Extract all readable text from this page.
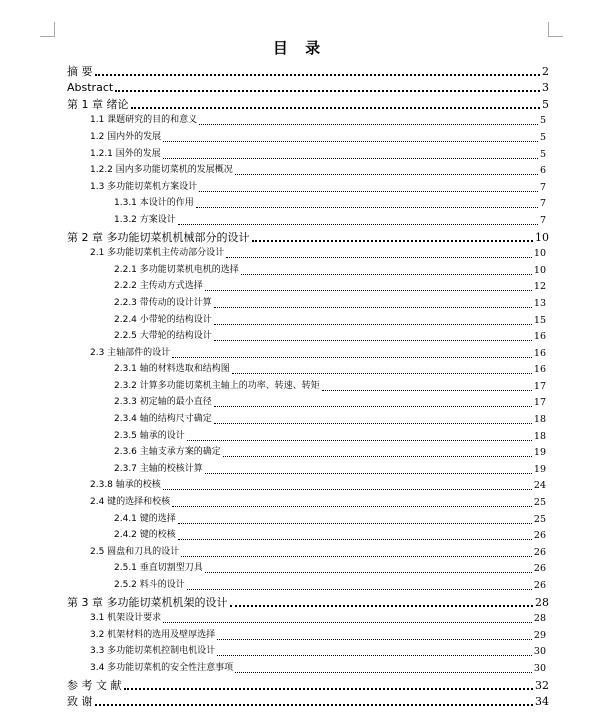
目 录
摘 要	2
Abstract	3
第 1 章 绪论	5
1.1 课题研究的目的和意义	5
1.2 国内外的发展	5
1.2.1 国外的发展	5
1.2.2 国内多功能切菜机的发展概况	6
1.3 多功能切菜机方案设计	7
1.3.1 本设计的作用	7
1.3.2 方案设计	7
第 2 章 多功能切菜机机械部分的设计	10
2.1 多功能切菜机主传动部分设计	10
2.2.1 多功能切菜机电机的选择	10
2.2.2 主传动方式选择	12
2.2.3 带传动的设计计算	13
2.2.4 小带轮的结构设计	15
2.2.5 大带轮的结构设计	16
2.3 主轴部件的设计	16
2.3.1 轴的材料选取和结构图	16
2.3.2 计算多功能切菜机主轴上的功率、转速、转矩	17
2.3.3 初定轴的最小直径	17
2.3.4 轴的结构尺寸确定	18
2.3.5 轴承的设计	18
2.3.6 主轴支承方案的确定	19
2.3.7 主轴的校核计算	19
2.3.8 轴承的校核	24
2.4 键的选择和校核	25
2.4.1 键的选择	25
2.4.2 键的校核	26
2.5 圆盘和刀具的设计	26
2.5.1 垂直切割型刀具	26
2.5.2 料斗的设计	26
第 3 章 多功能切菜机机架的设计	28
3.1 机架设计要求	28
3.2 机架材料的选用及壁厚选择	29
3.3 多功能切菜机控制电机设计	30
3.4 多功能切菜机的安全性注意事项	30
参 考 文 献	32
致 谢	34
